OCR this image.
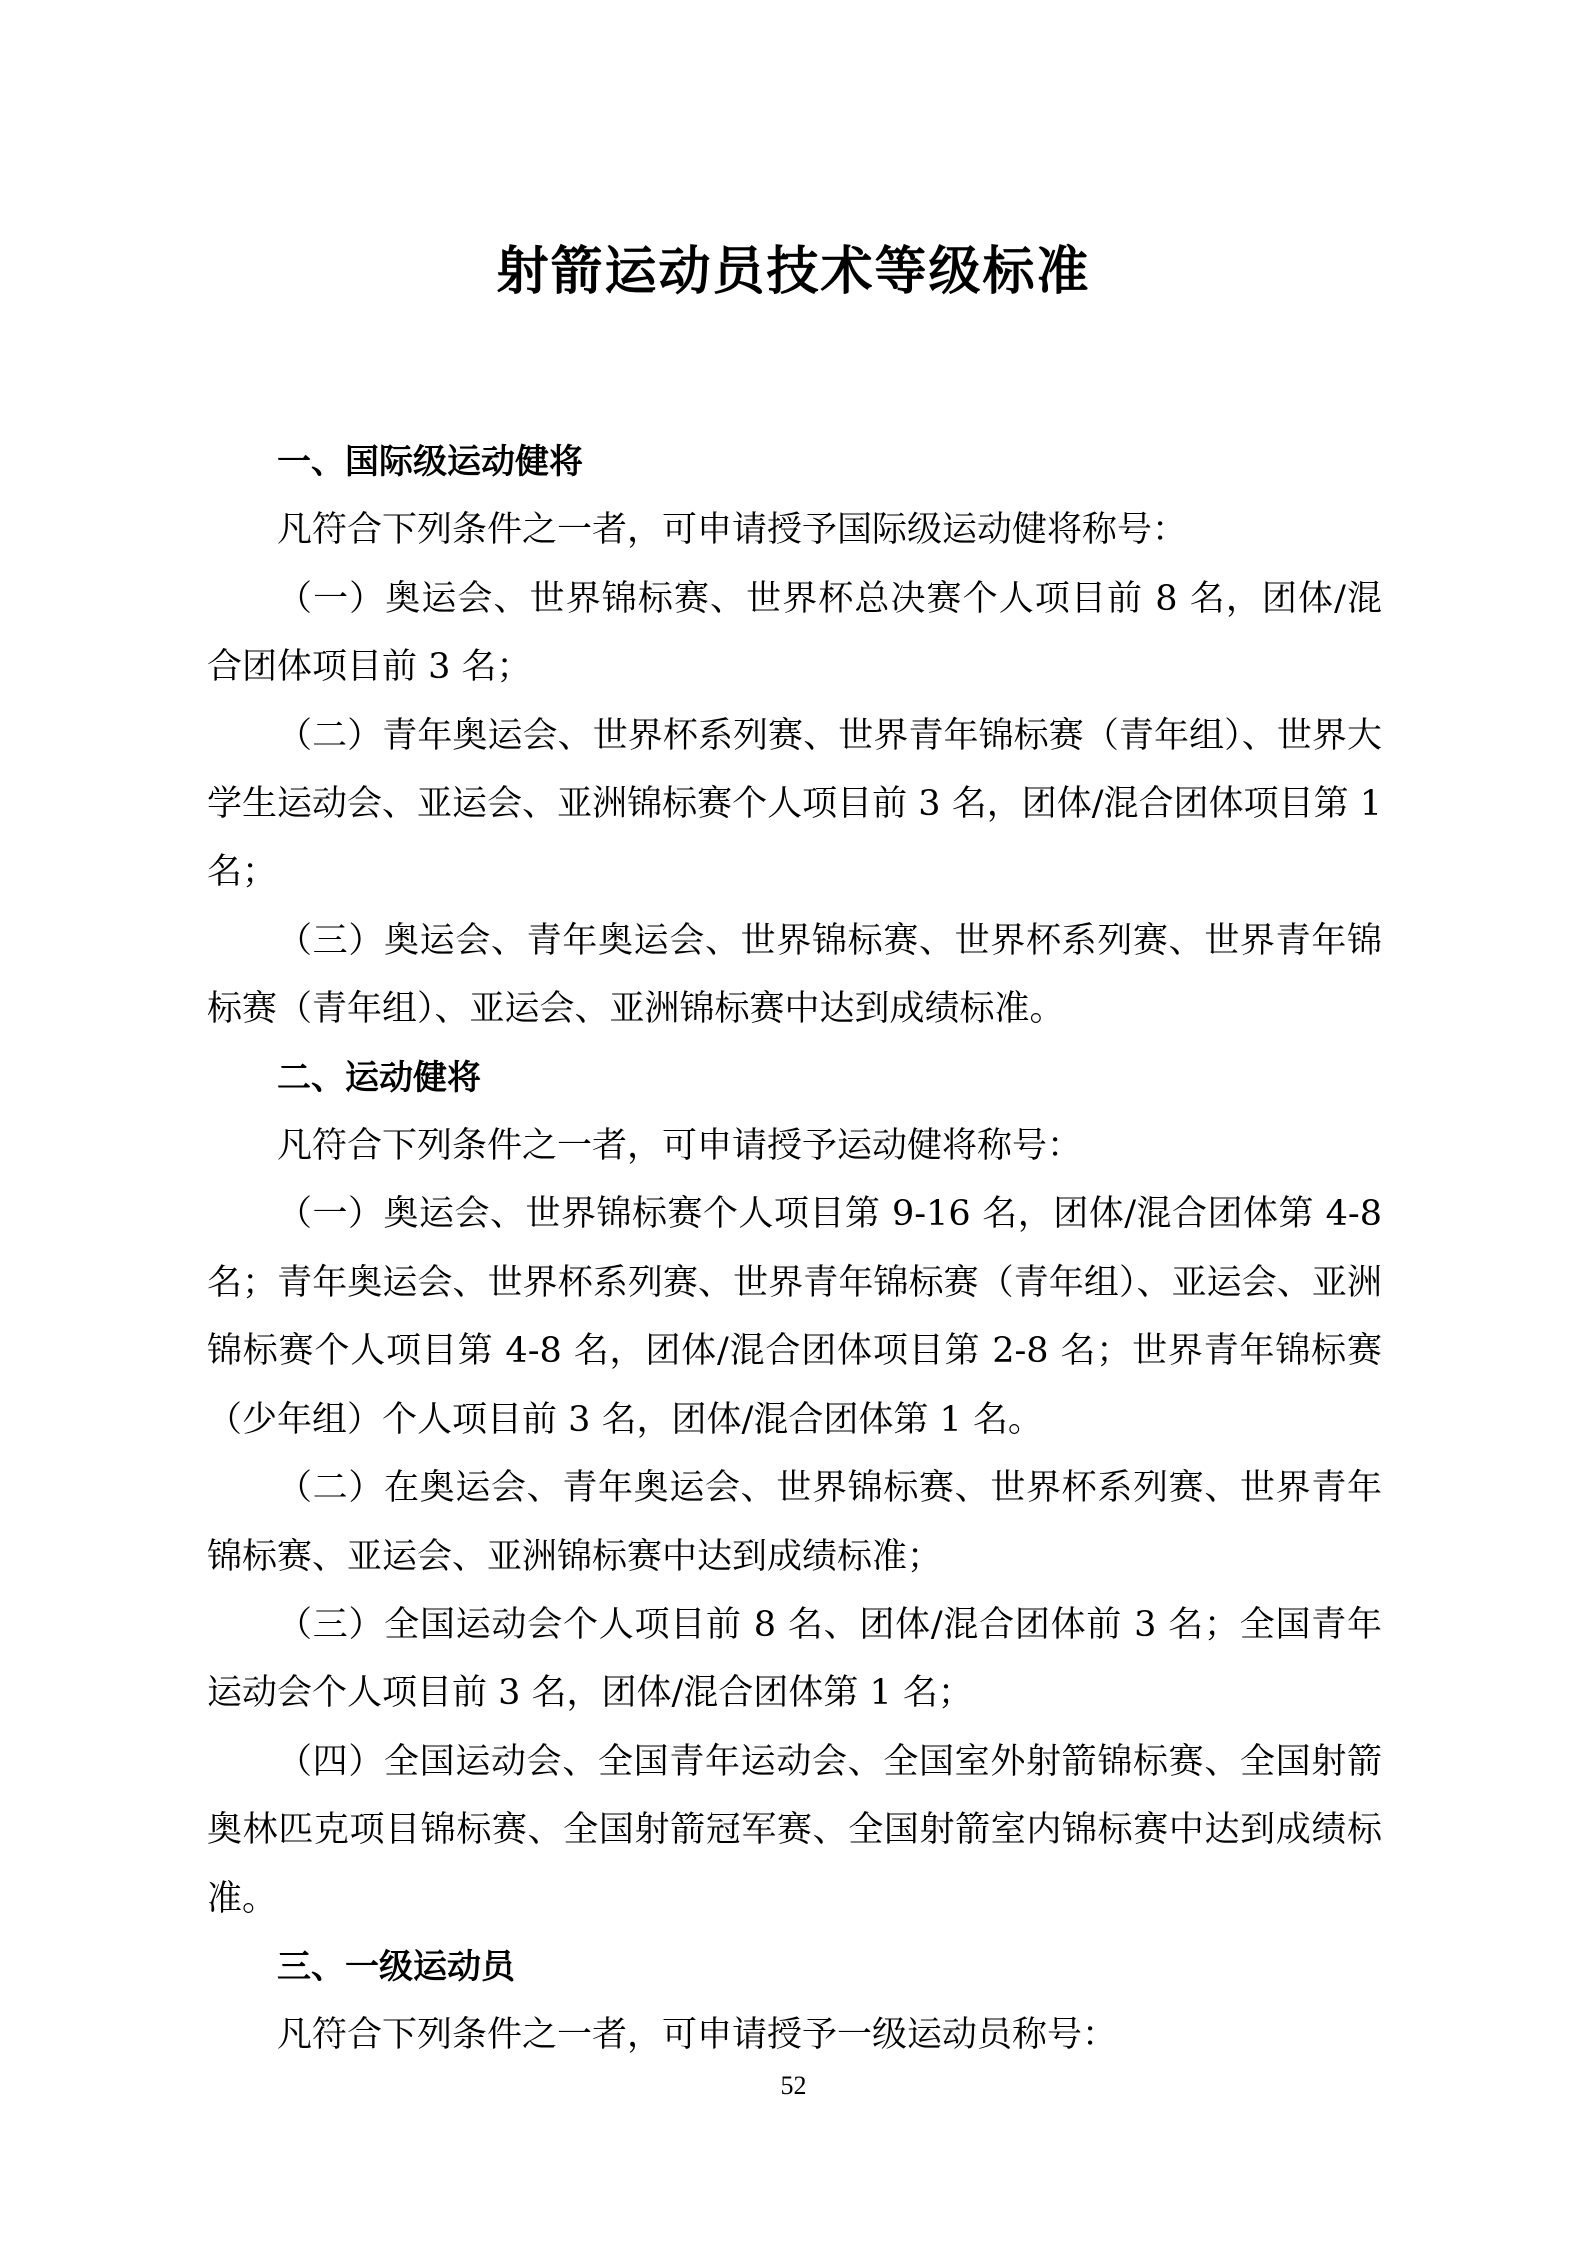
射箭运动员技术等级标准

一、国际级运动健将

凡符合下列条件之一者，可申请授予国际级运动健将称号：

（一）奥运会、世界锦标赛、世界杯总决赛个人项目前 8 名，团体/混合团体项目前 3 名；

（二）青年奥运会、世界杯系列赛、世界青年锦标赛（青年组）、世界大学生运动会、亚运会、亚洲锦标赛个人项目前 3 名，团体/混合团体项目第 1 名；

（三）奥运会、青年奥运会、世界锦标赛、世界杯系列赛、世界青年锦标赛（青年组）、亚运会、亚洲锦标赛中达到成绩标准。

二、运动健将

凡符合下列条件之一者，可申请授予运动健将称号：

（一）奥运会、世界锦标赛个人项目第 9-16 名，团体/混合团体第 4-8 名；青年奥运会、世界杯系列赛、世界青年锦标赛（青年组）、亚运会、亚洲锦标赛个人项目第 4-8 名，团体/混合团体项目第 2-8 名；世界青年锦标赛（少年组）个人项目前 3 名，团体/混合团体第 1 名。

（二）在奥运会、青年奥运会、世界锦标赛、世界杯系列赛、世界青年锦标赛、亚运会、亚洲锦标赛中达到成绩标准；

（三）全国运动会个人项目前 8 名、团体/混合团体前 3 名；全国青年运动会个人项目前 3 名，团体/混合团体第 1 名；

（四）全国运动会、全国青年运动会、全国室外射箭锦标赛、全国射箭奥林匹克项目锦标赛、全国射箭冠军赛、全国射箭室内锦标赛中达到成绩标准。

三、一级运动员

凡符合下列条件之一者，可申请授予一级运动员称号：

52
